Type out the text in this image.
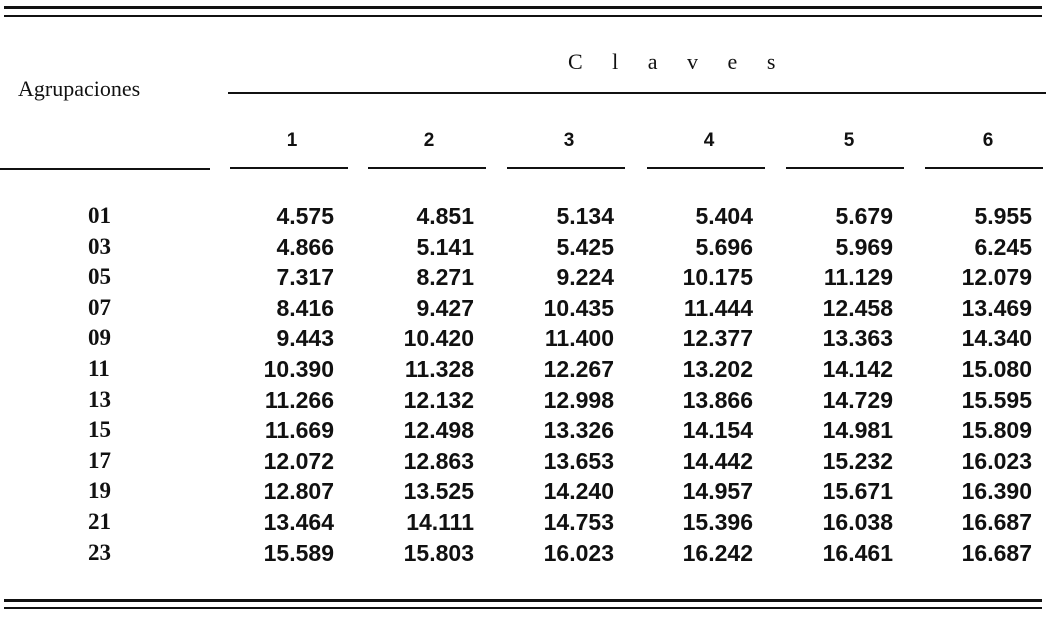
Agrupaciones
C l a v e s
1	2	3	4	5	6
01	4.575	4.851	5.134	5.404	5.679	5.955
03	4.866	5.141	5.425	5.696	5.969	6.245
05	7.317	8.271	9.224	10.175	11.129	12.079
07	8.416	9.427	10.435	11.444	12.458	13.469
09	9.443	10.420	11.400	12.377	13.363	14.340
11	10.390	11.328	12.267	13.202	14.142	15.080
13	11.266	12.132	12.998	13.866	14.729	15.595
15	11.669	12.498	13.326	14.154	14.981	15.809
17	12.072	12.863	13.653	14.442	15.232	16.023
19	12.807	13.525	14.240	14.957	15.671	16.390
21	13.464	14.111	14.753	15.396	16.038	16.687
23	15.589	15.803	16.023	16.242	16.461	16.687
